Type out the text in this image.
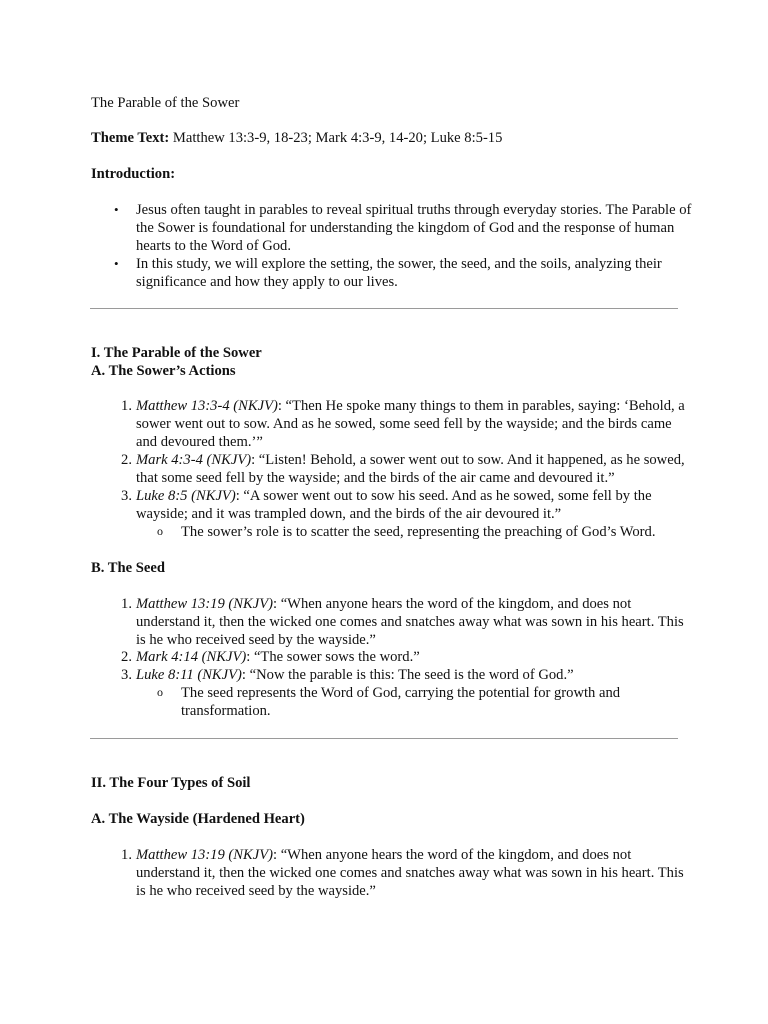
The Parable of the Sower

Theme Text: Matthew 13:3-9, 18-23; Mark 4:3-9, 14-20; Luke 8:5-15

Introduction:

•	Jesus often taught in parables to reveal spiritual truths through everyday stories. The Parable of the Sower is foundational for understanding the kingdom of God and the response of human hearts to the Word of God.
•	In this study, we will explore the setting, the sower, the seed, and the soils, analyzing their significance and how they apply to our lives.

I. The Parable of the Sower

A. The Sower’s Actions

1. Matthew 13:3-4 (NKJV): “Then He spoke many things to them in parables, saying: ‘Behold, a sower went out to sow. And as he sowed, some seed fell by the wayside; and the birds came and devoured them.’”
2. Mark 4:3-4 (NKJV): “Listen! Behold, a sower went out to sow. And it happened, as he sowed, that some seed fell by the wayside; and the birds of the air came and devoured it.”
3. Luke 8:5 (NKJV): “A sower went out to sow his seed. And as he sowed, some fell by the wayside; and it was trampled down, and the birds of the air devoured it.”
o	The sower’s role is to scatter the seed, representing the preaching of God’s Word.

B. The Seed

1. Matthew 13:19 (NKJV): “When anyone hears the word of the kingdom, and does not understand it, then the wicked one comes and snatches away what was sown in his heart. This is he who received seed by the wayside.”
2. Mark 4:14 (NKJV): “The sower sows the word.”
3. Luke 8:11 (NKJV): “Now the parable is this: The seed is the word of God.”
o	The seed represents the Word of God, carrying the potential for growth and transformation.

II. The Four Types of Soil

A. The Wayside (Hardened Heart)

1. Matthew 13:19 (NKJV): “When anyone hears the word of the kingdom, and does not understand it, then the wicked one comes and snatches away what was sown in his heart. This is he who received seed by the wayside.”
